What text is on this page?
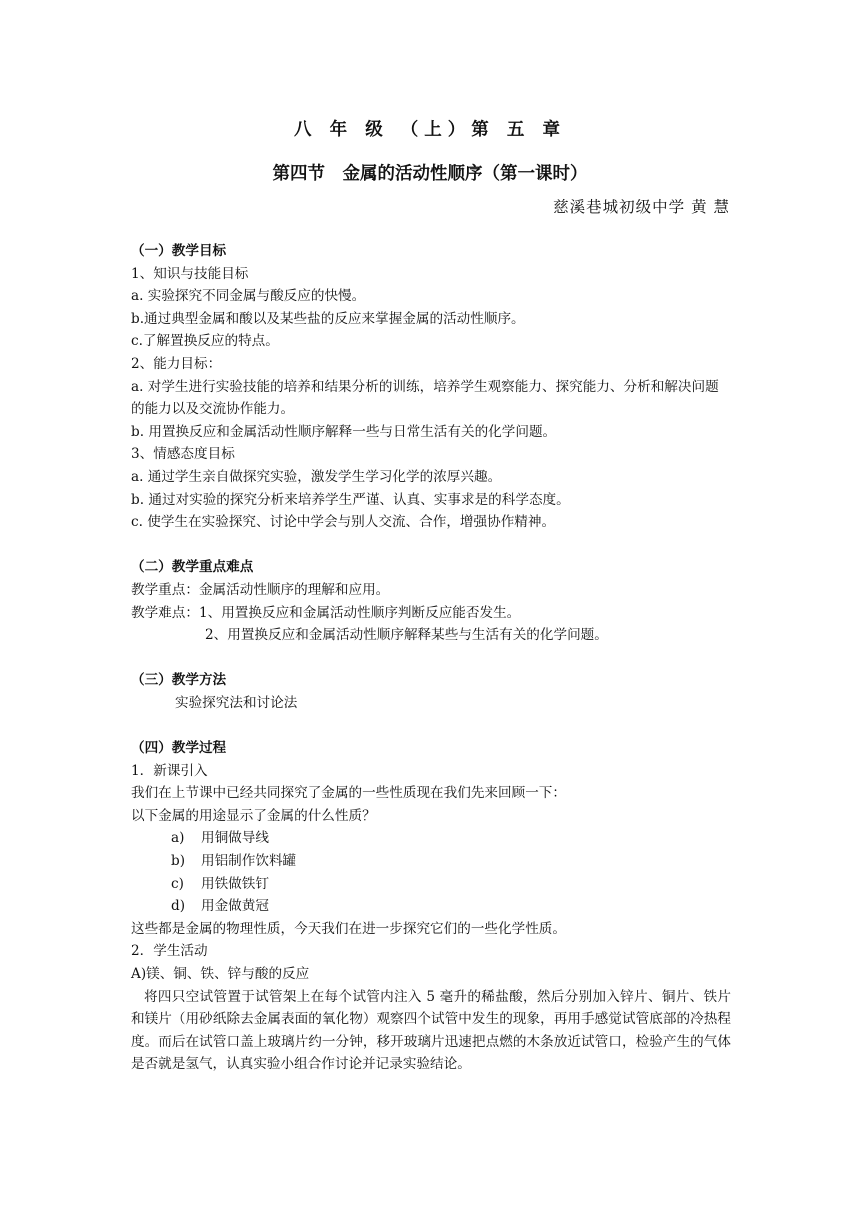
八 年 级 （上）第 五 章
第四节　金属的活动性顺序（第一课时）
慈溪巷城初级中学 黄 慧
（一）教学目标
1、知识与技能目标
a. 实验探究不同金属与酸反应的快慢。
b.通过典型金属和酸以及某些盐的反应来掌握金属的活动性顺序。
c.了解置换反应的特点。
2、能力目标：
a. 对学生进行实验技能的培养和结果分析的训练，培养学生观察能力、探究能力、分析和解决问题的能力以及交流协作能力。
b. 用置换反应和金属活动性顺序解释一些与日常生活有关的化学问题。
3、情感态度目标
a. 通过学生亲自做探究实验，激发学生学习化学的浓厚兴趣。
b. 通过对实验的探究分析来培养学生严谨、认真、实事求是的科学态度。
c. 使学生在实验探究、讨论中学会与别人交流、合作，增强协作精神。
（二）教学重点难点
教学重点：金属活动性顺序的理解和应用。
教学难点：1、用置换反应和金属活动性顺序判断反应能否发生。
2、用置换反应和金属活动性顺序解释某些与生活有关的化学问题。
（三）教学方法
实验探究法和讨论法
（四）教学过程
1．新课引入
我们在上节课中已经共同探究了金属的一些性质现在我们先来回顾一下：
以下金属的用途显示了金属的什么性质？
a) 用铜做导线
b) 用铝制作饮料罐
c) 用铁做铁钉
d) 用金做黄冠
这些都是金属的物理性质，今天我们在进一步探究它们的一些化学性质。
2．学生活动
A)镁、铜、铁、锌与酸的反应
将四只空试管置于试管架上在每个试管内注入 5 毫升的稀盐酸，然后分别加入锌片、铜片、铁片和镁片（用砂纸除去金属表面的氧化物）观察四个试管中发生的现象，再用手感觉试管底部的冷热程度。而后在试管口盖上玻璃片约一分钟，移开玻璃片迅速把点燃的木条放近试管口，检验产生的气体是否就是氢气，认真实验小组合作讨论并记录实验结论。
